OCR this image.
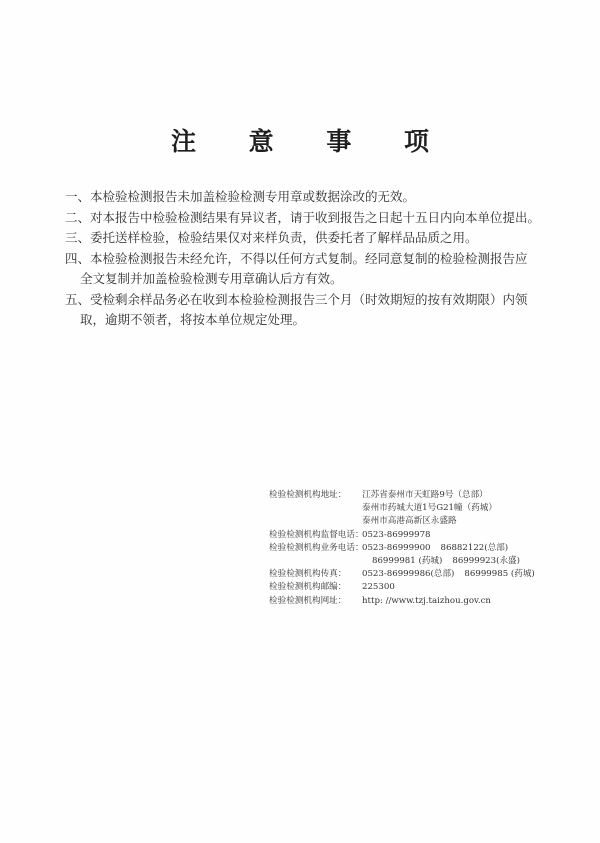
注 意 事 项
一、 本检验检测报告未加盖检验检测专用章或数据涂改的无效。
二、 对本报告中检验检测结果有异议者，请于收到报告之日起十五日内向本单位提出。
三、 委托送样检验，检验结果仅对来样负责，供委托者了解样品品质之用。
四、 本检验检测报告未经允许，不得以任何方式复制。经同意复制的检验检测报告应
全文复制并加盖检验检测专用章确认后方有效。
五、 受检剩余样品务必在收到本检验检测报告三个月（时效期短的按有效期限）内领
取，逾期不领者，将按本单位规定处理。
检验检测机构地址：	江苏省泰州市天虹路9号（总部）
泰州市药城大道1号G21幢（药城）
泰州市高港高新区永盛路
检验检测机构监督电话：
0523-86999978
检验检测机构业务电话：
0523-86999900 86882122(总部)
86999981 (药城) 86999923(永盛)
检验检测机构传真：	0523-86999986(总部) 86999985 (药城)
检验检测机构邮编：	225300
检验检测机构网址：	http: //www.tzj.taizhou.gov.cn
